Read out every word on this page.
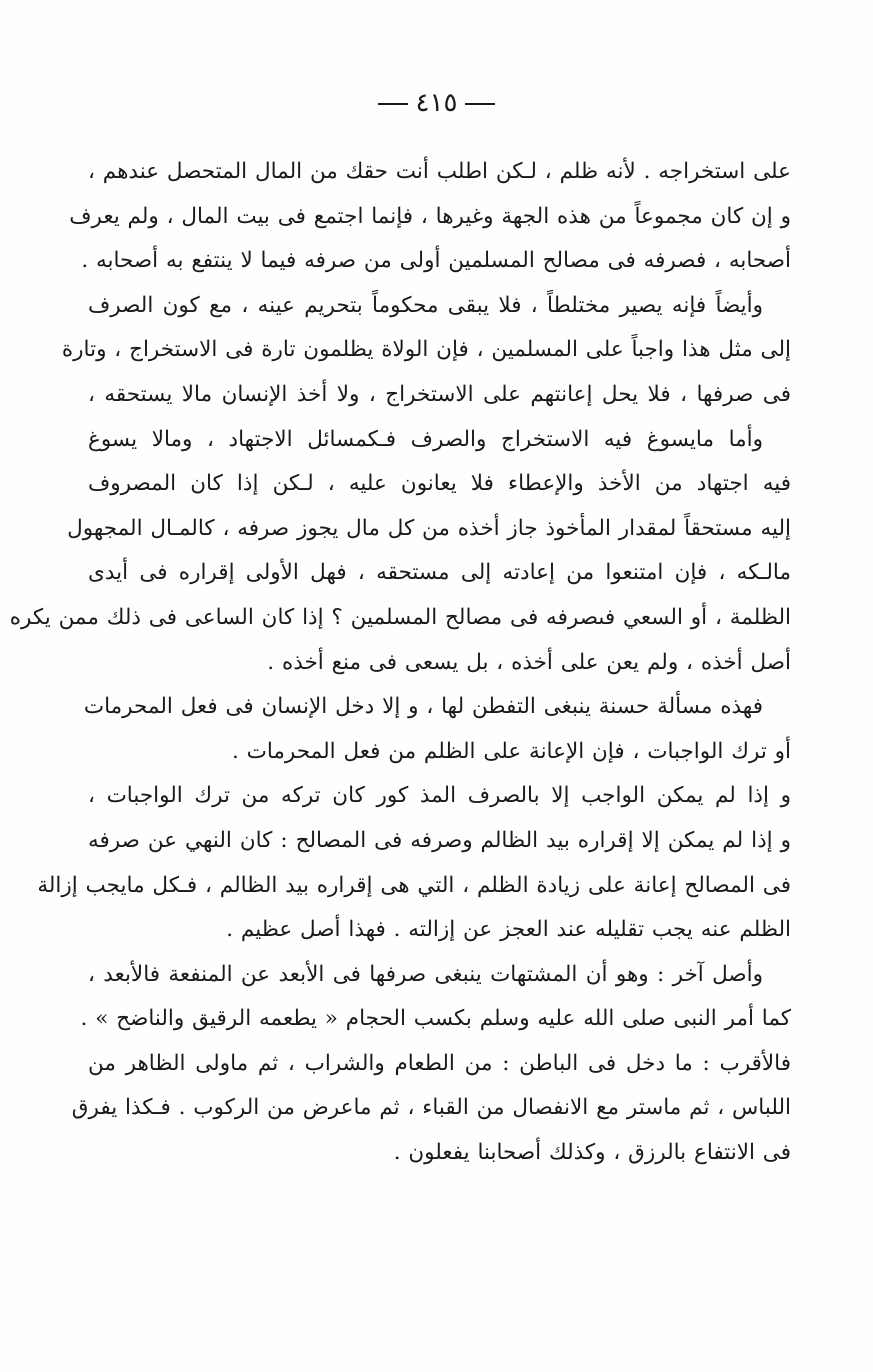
٤١٥
على استخراجه . لأنه ظلم ، لـكن اطلب أنت حقك من المال المتحصل عندهم ،
و إن كان مجموعاً من هذه الجهة وغيرها ، فإنما اجتمع فى بيت المال ، ولم يعرف
أصحابه ، فصرفه فى مصالح المسلمين أولى من صرفه فيما لا ينتفع به أصحابه .
وأيضاً فإنه يصير مختلطاً ، فلا يبقى محكوماً بتحريم عينه ، مع كون الصرف
إلى مثل هذا واجباً على المسلمين ، فإن الولاة يظلمون تارة فى الاستخراج ، وتارة
فى صرفها ، فلا يحل إعانتهم على الاستخراج ، ولا أخذ الإنسان مالا يستحقه ،
وأما مايسوغ فيه الاستخراج والصرف فـكمسائل الاجتهاد ، ومالا يسوغ
فيه اجتهاد من الأخذ والإعطاء فلا يعانون عليه ، لـكن إذا كان المصروف
إليه مستحقاً لمقدار المأخوذ جاز أخذه من كل مال يجوز صرفه ، كالمـال المجهول
مالـكه ، فإن امتنعوا من إعادته إلى مستحقه ، فهل الأولى إقراره فى أيدى
الظلمة ، أو السعي فىصرفه فى مصالح المسلمين ؟ إذا كان الساعى فى ذلك ممن يكره
أصل أخذه ، ولم يعن على أخذه ، بل يسعى فى منع أخذه .
فهذه مسألة حسنة ينبغى التفطن لها ، و إلا دخل الإنسان فى فعل المحرمات
أو ترك الواجبات ، فإن الإعانة على الظلم من فعل المحرمات .
و إذا لم يمكن الواجب إلا بالصرف المذ كور كان تركه من ترك الواجبات ،
و إذا لم يمكن إلا إقراره بيد الظالم وصرفه فى المصالح : كان النهي عن صرفه
فى المصالح إعانة على زيادة الظلم ، التي هى إقراره بيد الظالم ، فـكل مايجب إزالة
الظلم عنه يجب تقليله عند العجز عن إزالته . فهذا أصل عظيم .
وأصل آخر : وهو أن المشتهات ينبغى صرفها فى الأبعد عن المنفعة فالأبعد ،
كما أمر النبى صلى الله عليه وسلم بكسب الحجام « يطعمه الرقيق والناضح » .
فالأقرب : ما دخل فى الباطن : من الطعام والشراب ، ثم ماولى الظاهر من
اللباس ، ثم ماستر مع الانفصال من القباء ، ثم ماعرض من الركوب . فـكذا يفرق
فى الانتفاع بالرزق ، وكذلك أصحابنا يفعلون .
